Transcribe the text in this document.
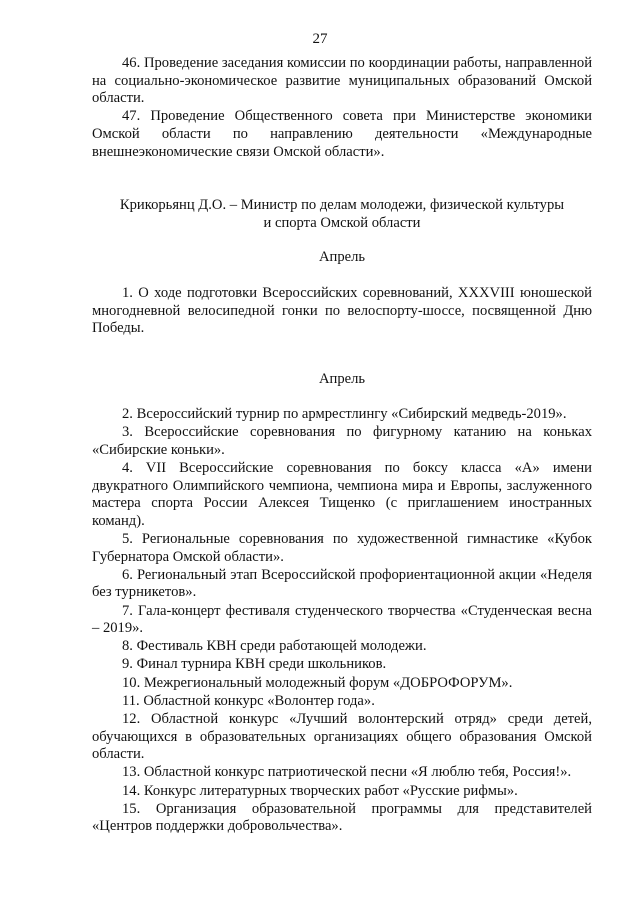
27

46. Проведение заседания комиссии по координации работы, направленной на социально-экономическое развитие муниципальных образований Омской области.

47. Проведение Общественного совета при Министерстве экономики Омской области по направлению деятельности «Международные внешнеэкономические связи Омской области».

Крикорьянц Д.О. – Министр по делам молодежи, физической культуры

и спорта Омской области

Апрель

1. О ходе подготовки Всероссийских соревнований, XXXVIII юношеской многодневной велосипедной гонки по велоспорту-шоссе, посвященной Дню Победы.

Апрель

2. Всероссийский турнир по армрестлингу «Сибирский медведь-2019».

3. Всероссийские соревнования по фигурному катанию на коньках «Сибирские коньки».

4. VII Всероссийские соревнования по боксу класса «А» имени двукратного Олимпийского чемпиона, чемпиона мира и Европы, заслуженного мастера спорта России Алексея Тищенко (с приглашением иностранных команд).

5. Региональные соревнования по художественной гимнастике «Кубок Губернатора Омской области».

6. Региональный этап Всероссийской профориентационной акции «Неделя без турникетов».

7. Гала-концерт фестиваля студенческого творчества «Студенческая весна – 2019».

8. Фестиваль КВН среди работающей молодежи.

9. Финал турнира КВН среди школьников.

10. Межрегиональный молодежный форум «ДОБРОФОРУМ».

11. Областной конкурс «Волонтер года».

12. Областной конкурс «Лучший волонтерский отряд» среди детей, обучающихся в образовательных организациях общего образования Омской области.

13. Областной конкурс патриотической песни «Я люблю тебя, Россия!».

14. Конкурс литературных творческих работ «Русские рифмы».

15. Организация образовательной программы для представителей «Центров поддержки добровольчества».
